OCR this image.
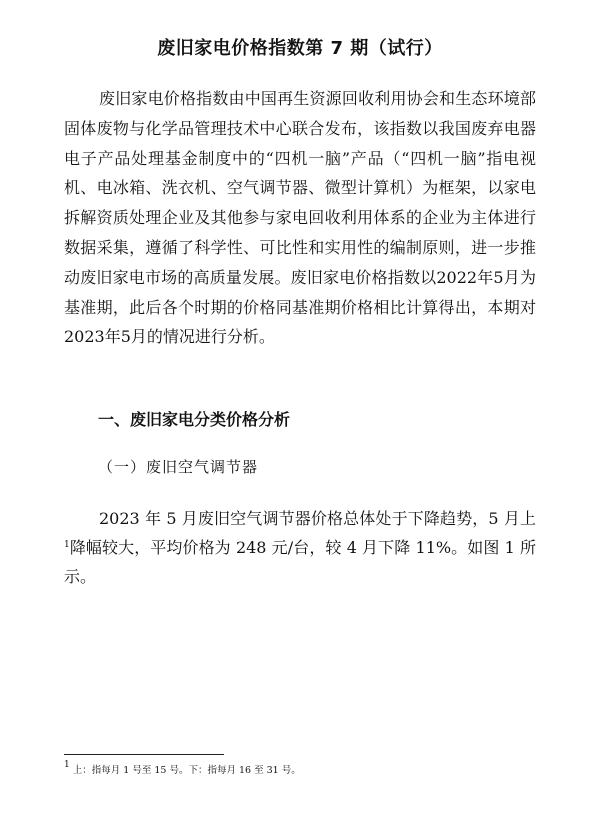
废旧家电价格指数第 7 期（试行）
废旧家电价格指数由中国再生资源回收利用协会和生态环境部固体废物与化学品管理技术中心联合发布，该指数以我国废弃电器电子产品处理基金制度中的“四机一脑”产品（“四机一脑”指电视机、电冰箱、洗衣机、空气调节器、微型计算机）为框架，以家电拆解资质处理企业及其他参与家电回收利用体系的企业为主体进行数据采集，遵循了科学性、可比性和实用性的编制原则，进一步推动废旧家电市场的高质量发展。废旧家电价格指数以2022年5月为基准期，此后各个时期的价格同基准期价格相比计算得出，本期对2023年5月的情况进行分析。
一、废旧家电分类价格分析
（一）废旧空气调节器
2023 年 5 月废旧空气调节器价格总体处于下降趋势，5 月上$^1$降幅较大，平均价格为 248 元/台，较 4 月下降 11%。如图 1 所示。
$^1$ 上：指每月 1 号至 15 号。下：指每月 16 至 31 号。
